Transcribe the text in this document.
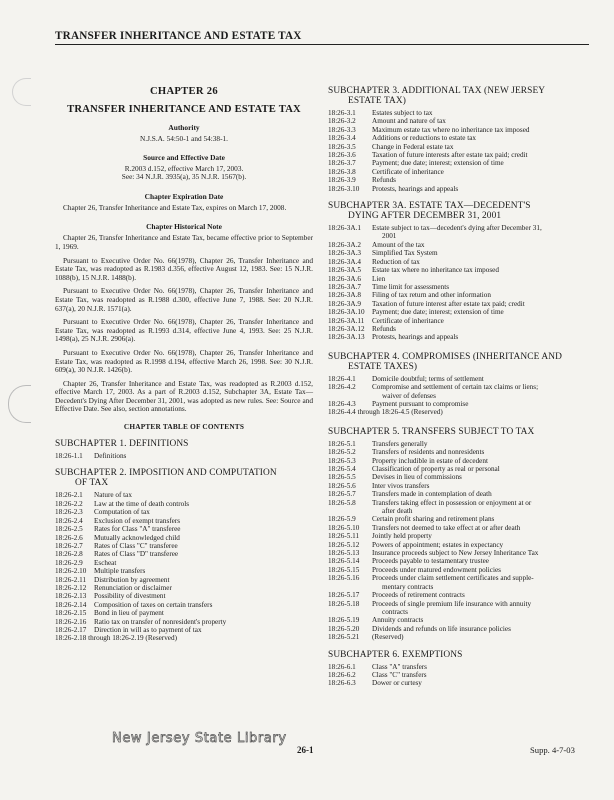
TRANSFER INHERITANCE AND ESTATE TAX
CHAPTER 26
TRANSFER INHERITANCE AND ESTATE TAX
Authority
N.J.S.A. 54:50-1 and 54:38-1.
Source and Effective Date
R.2003 d.152, effective March 17, 2003.
See: 34 N.J.R. 3935(a), 35 N.J.R. 1567(b).
Chapter Expiration Date
Chapter 26, Transfer Inheritance and Estate Tax, expires on March 17, 2008.
Chapter Historical Note

Chapter 26, Transfer Inheritance and Estate Tax, became effective prior to September 1, 1969.

Pursuant to Executive Order No. 66(1978), Chapter 26, Transfer Inheritance and Estate Tax, was readopted as R.1983 d.356, effective August 12, 1983. See: 15 N.J.R. 1088(b), 15 N.J.R. 1488(b).

Pursuant to Executive Order No. 66(1978), Chapter 26, Transfer Inheritance and Estate Tax, was readopted as R.1988 d.300, effective June 7, 1988. See: 20 N.J.R. 637(a), 20 N.J.R. 1571(a).

Pursuant to Executive Order No. 66(1978), Chapter 26, Transfer Inheritance and Estate Tax, was readopted as R.1993 d.314, effective June 4, 1993. See: 25 N.J.R. 1498(a), 25 N.J.R. 2906(a).

Pursuant to Executive Order No. 66(1978), Chapter 26, Transfer Inheritance and Estate Tax, was readopted as R.1998 d.194, effective March 26, 1998. See: 30 N.J.R. 609(a), 30 N.J.R. 1426(b).

Chapter 26, Transfer Inheritance and Estate Tax, was readopted as R.2003 d.152, effective March 17, 2003. As a part of R.2003 d.152, Subchapter 3A, Estate Tax—Decedent's Dying After December 31, 2001, was adopted as new rules. See: Source and Effective Date. See also, section annotations.

CHAPTER TABLE OF CONTENTS
SUBCHAPTER 1. DEFINITIONS
18:26-1.1	Definitions
SUBCHAPTER 2. IMPOSITION AND COMPUTATION
OF TAX
18:26-2.1	Nature of tax
18:26-2.2	Law at the time of death controls
18:26-2.3	Computation of tax
18:26-2.4	Exclusion of exempt transfers
18:26-2.5	Rates for Class "A" transferee
18:26-2.6	Mutually acknowledged child
18:26-2.7	Rates of Class "C" transferee
18:26-2.8	Rates of Class "D" transferee
18:26-2.9	Escheat
18:26-2.10	Multiple transfers
18:26-2.11	Distribution by agreement
18:26-2.12	Renunciation or disclaimer
18:26-2.13	Possibility of divestment
18:26-2.14	Composition of taxes on certain transfers
18:26-2.15	Bond in lieu of payment
18:26-2.16	Ratio tax on transfer of nonresident's property
18:26-2.17	Direction in will as to payment of tax
18:26-2.18 through 18:26-2.19 (Reserved)
SUBCHAPTER 3. ADDITIONAL TAX (NEW JERSEY
ESTATE TAX)
18:26-3.1	Estates subject to tax
18:26-3.2	Amount and nature of tax
18:26-3.3	Maximum estate tax where no inheritance tax imposed
18:26-3.4	Additions or reductions to estate tax
18:26-3.5	Change in Federal estate tax
18:26-3.6	Taxation of future interests after estate tax paid; credit
18:26-3.7	Payment; due date; interest; extension of time
18:26-3.8	Certificate of inheritance
18:26-3.9	Refunds
18:26-3.10	Protests, hearings and appeals
SUBCHAPTER 3A. ESTATE TAX—DECEDENT'S
DYING AFTER DECEMBER 31, 2001
18:26-3A.1	Estate subject to tax—decedent's dying after December 31,
2001
18:26-3A.2	Amount of the tax
18:26-3A.3	Simplified Tax System
18:26-3A.4	Reduction of tax
18:26-3A.5	Estate tax where no inheritance tax imposed
18:26-3A.6	Lien
18:26-3A.7	Time limit for assessments
18:26-3A.8	Filing of tax return and other information
18:26-3A.9	Taxation of future interest after estate tax paid; credit
18:26-3A.10	Payment; due date; interest; extension of time
18:26-3A.11	Certificate of inheritance
18:26-3A.12	Refunds
18:26-3A.13	Protests, hearings and appeals
SUBCHAPTER 4. COMPROMISES (INHERITANCE AND
ESTATE TAXES)
18:26-4.1	Domicile doubtful; terms of settlement
18:26-4.2	Compromise and settlement of certain tax claims or liens;
waiver of defenses
18:26-4.3	Payment pursuant to compromise
18:26-4.4 through 18:26-4.5 (Reserved)
SUBCHAPTER 5. TRANSFERS SUBJECT TO TAX
18:26-5.1	Transfers generally
18:26-5.2	Transfers of residents and nonresidents
18:26-5.3	Property includible in estate of decedent
18:26-5.4	Classification of property as real or personal
18:26-5.5	Devises in lieu of commissions
18:26-5.6	Inter vivos transfers
18:26-5.7	Transfers made in contemplation of death
18:26-5.8	Transfers taking effect in possession or enjoyment at or
after death
18:26-5.9	Certain profit sharing and retirement plans
18:26-5.10	Transfers not deemed to take effect at or after death
18:26-5.11	Jointly held property
18:26-5.12	Powers of appointment; estates in expectancy
18:26-5.13	Insurance proceeds subject to New Jersey Inheritance Tax
18:26-5.14	Proceeds payable to testamentary trustee
18:26-5.15	Proceeds under matured endowment policies
18:26-5.16	Proceeds under claim settlement certificates and supple-
mentary contracts
18:26-5.17	Proceeds of retirement contracts
18:26-5.18	Proceeds of single premium life insurance with annuity
contracts
18:26-5.19	Annuity contracts
18:26-5.20	Dividends and refunds on life insurance policies
18:26-5.21	(Reserved)
SUBCHAPTER 6. EXEMPTIONS
18:26-6.1	Class "A" transfers
18:26-6.2	Class "C" transfers
18:26-6.3	Dower or curtesy
New Jersey State Library
26-1	Supp. 4-7-03
